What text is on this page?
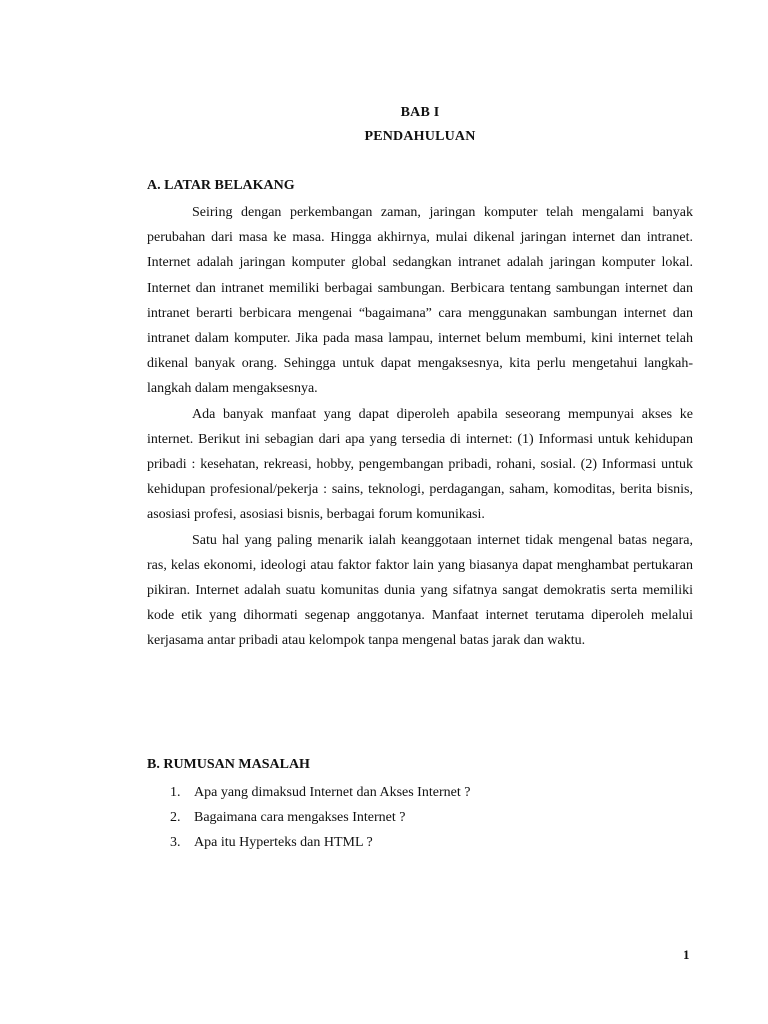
BAB I
PENDAHULUAN
A. LATAR BELAKANG

Seiring dengan perkembangan zaman, jaringan komputer telah mengalami banyak perubahan dari masa ke masa. Hingga akhirnya, mulai dikenal jaringan internet dan intranet. Internet adalah jaringan komputer global sedangkan intranet adalah jaringan komputer lokal. Internet dan intranet memiliki berbagai sambungan. Berbicara tentang sambungan internet dan intranet berarti berbicara mengenai “bagaimana” cara menggunakan sambungan internet dan intranet dalam komputer. Jika pada masa lampau, internet belum membumi, kini internet telah dikenal banyak orang. Sehingga untuk dapat mengaksesnya, kita perlu mengetahui langkah-langkah dalam mengaksesnya.

Ada banyak manfaat yang dapat diperoleh apabila seseorang mempunyai akses ke internet. Berikut ini sebagian dari apa yang tersedia di internet: (1) Informasi untuk kehidupan pribadi : kesehatan, rekreasi, hobby, pengembangan pribadi, rohani, sosial. (2) Informasi untuk kehidupan profesional/pekerja : sains, teknologi, perdagangan, saham, komoditas, berita bisnis, asosiasi profesi, asosiasi bisnis, berbagai forum komunikasi.

Satu hal yang paling menarik ialah keanggotaan internet tidak mengenal batas negara, ras, kelas ekonomi, ideologi atau faktor faktor lain yang biasanya dapat menghambat pertukaran pikiran. Internet adalah suatu komunitas dunia yang sifatnya sangat demokratis serta memiliki kode etik yang dihormati segenap anggotanya. Manfaat internet terutama diperoleh melalui kerjasama antar pribadi atau kelompok tanpa mengenal batas jarak dan waktu.

B. RUMUSAN MASALAH
1. Apa yang dimaksud Internet dan Akses Internet ?
2. Bagaimana cara mengakses Internet ?
3. Apa itu Hyperteks dan HTML ?
1
